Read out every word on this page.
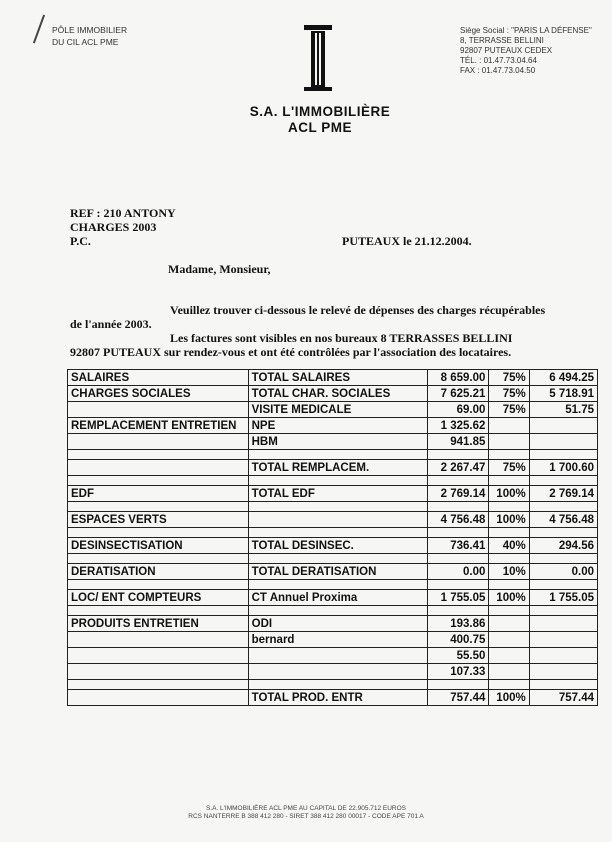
PÔLE IMMOBILIER
DU CIL ACL PME
S.A. L'IMMOBILIÈRE
ACL PME
Siège Social : "PARIS LA DÉFENSE"
8, TERRASSE BELLINI
92807 PUTEAUX CEDEX
TÉL. : 01.47.73.04.64
FAX : 01.47.73.04.50
REF : 210 ANTONY
CHARGES 2003
P.C.	PUTEAUX le 21.12.2004.
Madame, Monsieur,
Veuillez trouver ci-dessous le relevé de dépenses des charges récupérables
de l'année 2003.
Les factures sont visibles en nos bureaux 8 TERRASSES BELLINI
92807 PUTEAUX sur rendez-vous et ont été contrôlées par l'association des locataires.
SALAIRES	TOTAL SALAIRES	8 659.00	75%	6 494.25
CHARGES SOCIALES	TOTAL CHAR. SOCIALES	7 625.21	75%	5 718.91
	VISITE MEDICALE	69.00	75%	51.75
REMPLACEMENT ENTRETIEN	NPE	1 325.62		
	HBM	941.85		

	TOTAL REMPLACEM.	2 267.47	75%	1 700.60

EDF	TOTAL EDF	2 769.14	100%	2 769.14

ESPACES VERTS		4 756.48	100%	4 756.48

DESINSECTISATION	TOTAL DESINSEC.	736.41	40%	294.56

DERATISATION	TOTAL DERATISATION	0.00	10%	0.00

LOC/ ENT COMPTEURS	CT Annuel Proxima	1 755.05	100%	1 755.05

PRODUITS ENTRETIEN	ODI	193.86		
	bernard	400.75		
		55.50		
		107.33		

	TOTAL PROD. ENTR	757.44	100%	757.44
S.A. L'IMMOBILIÈRE ACL PME AU CAPITAL DE 22.905.712 EUROS
RCS NANTERRE B 388 412 280 - SIRET 388 412 280 00017 - CODE APE 701 A
